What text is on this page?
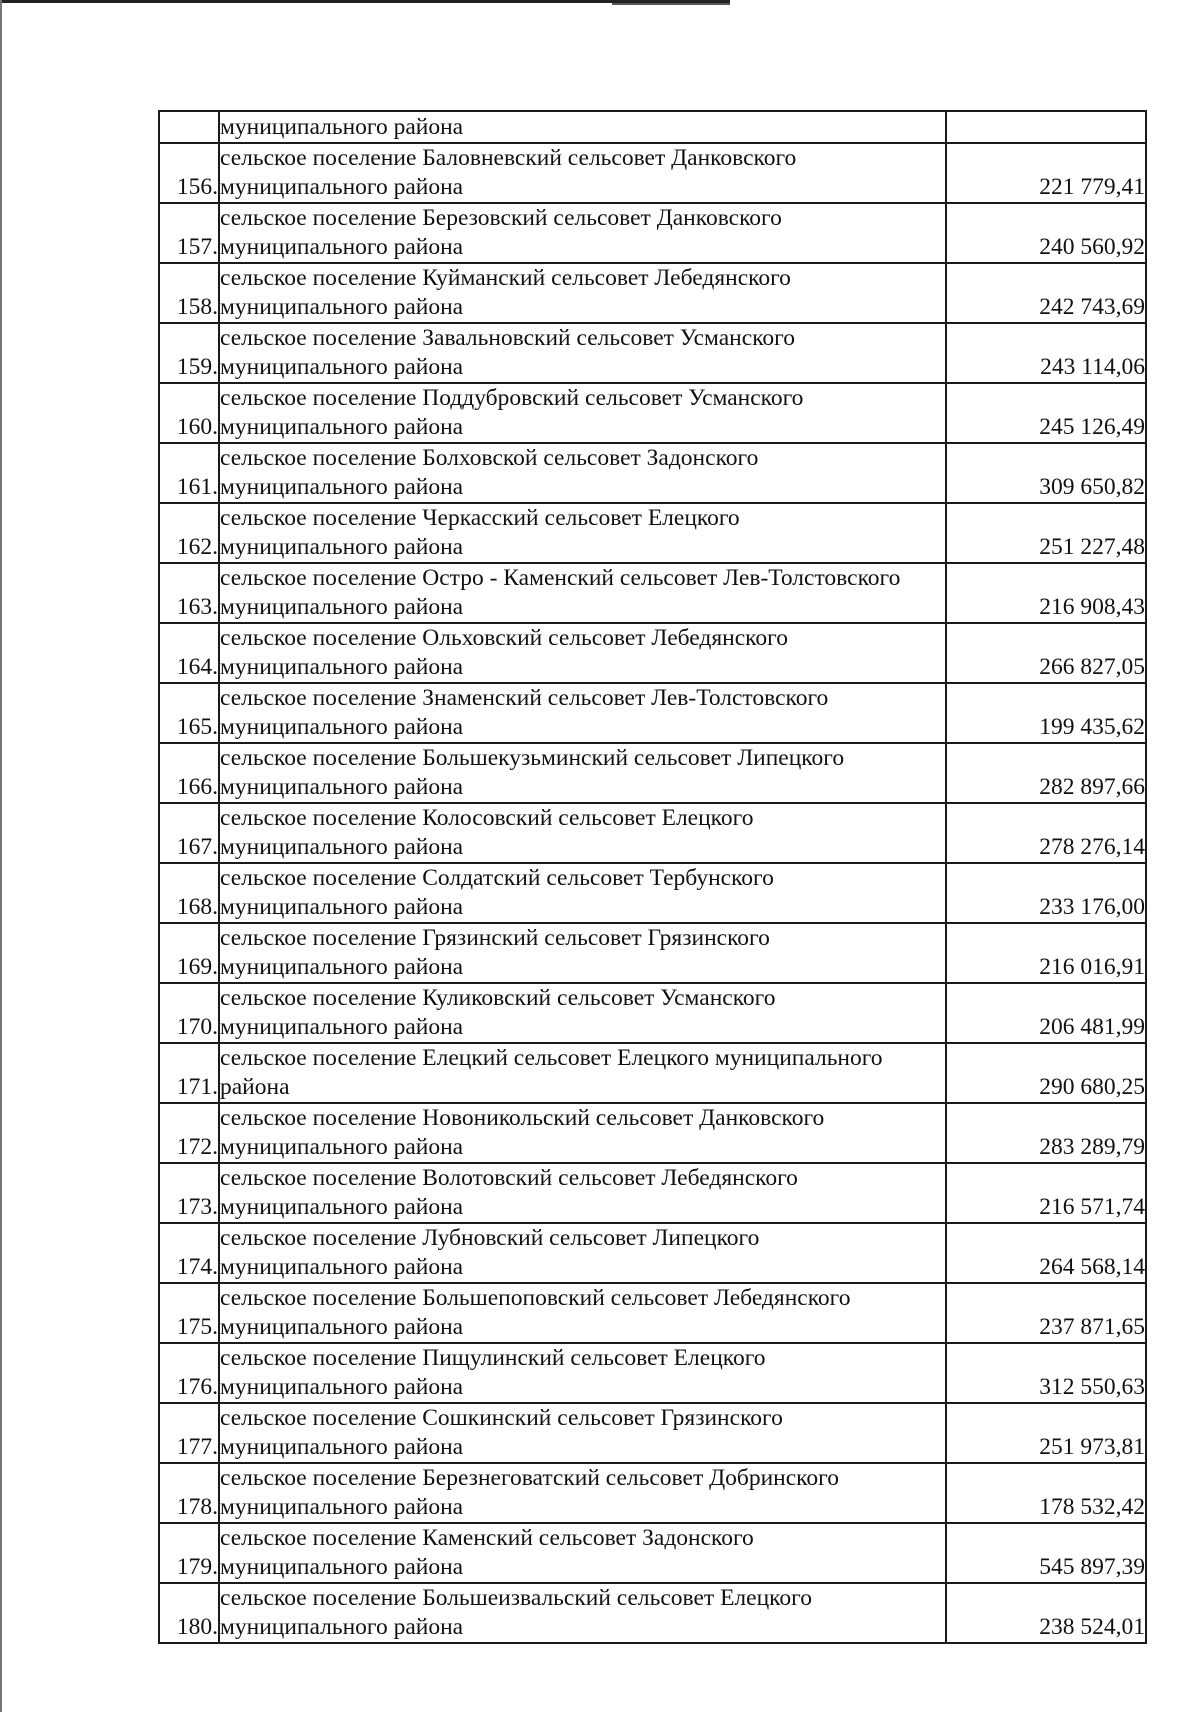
	муниципального района	

156.	сельское поселение Баловневский сельсовет Данковского
муниципального района	221 779,41
157.	сельское поселение Березовский сельсовет Данковского
муниципального района	240 560,92
158.	сельское поселение Куйманский сельсовет Лебедянского
муниципального района	242 743,69
159.	сельское поселение Завальновский сельсовет Усманского
муниципального района	243 114,06
160.	сельское поселение Поддубровский сельсовет Усманского
муниципального района	245 126,49
161.	сельское поселение Болховской сельсовет Задонского
муниципального района	309 650,82
162.	сельское поселение Черкасский сельсовет Елецкого
муниципального района	251 227,48
163.	сельское поселение Остро - Каменский сельсовет Лев-Толстовского
муниципального района	216 908,43
164.	сельское поселение Ольховский сельсовет Лебедянского
муниципального района	266 827,05
165.	сельское поселение Знаменский сельсовет Лев-Толстовского
муниципального района	199 435,62
166.	сельское поселение Большекузьминский сельсовет Липецкого
муниципального района	282 897,66
167.	сельское поселение Колосовский сельсовет Елецкого
муниципального района	278 276,14
168.	сельское поселение Солдатский сельсовет Тербунского
муниципального района	233 176,00
169.	сельское поселение Грязинский сельсовет Грязинского
муниципального района	216 016,91
170.	сельское поселение Куликовский сельсовет Усманского
муниципального района	206 481,99
171.	сельское поселение Елецкий сельсовет Елецкого муниципального
района	290 680,25
172.	сельское поселение Новоникольский сельсовет Данковского
муниципального района	283 289,79
173.	сельское поселение Волотовский сельсовет Лебедянского
муниципального района	216 571,74
174.	сельское поселение Лубновский сельсовет Липецкого
муниципального района	264 568,14
175.	сельское поселение Большепоповский сельсовет Лебедянского
муниципального района	237 871,65
176.	сельское поселение Пищулинский сельсовет Елецкого
муниципального района	312 550,63
177.	сельское поселение Сошкинский сельсовет Грязинского
муниципального района	251 973,81
178.	сельское поселение Березнеговатский сельсовет Добринского
муниципального района	178 532,42
179.	сельское поселение Каменский сельсовет Задонского
муниципального района	545 897,39
180.	сельское поселение Большеизвальский сельсовет Елецкого
муниципального района	238 524,01
